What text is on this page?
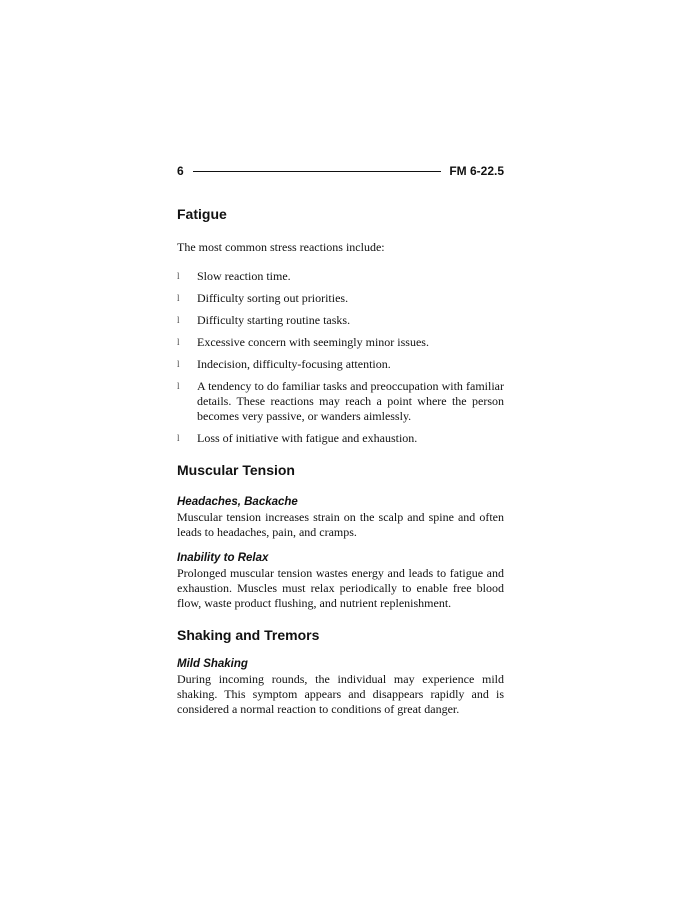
6	FM 6-22.5
Fatigue

The most common stress reactions include:

l Slow reaction time.
l Difficulty sorting out priorities.
l Difficulty starting routine tasks.
l Excessive concern with seemingly minor issues.
l Indecision, difficulty-focusing attention.
l A tendency to do familiar tasks and preoccupation with familiar details. These reactions may reach a point where the person becomes very passive, or wanders aimlessly.
l Loss of initiative with fatigue and exhaustion.
Muscular Tension
Headaches, Backache

Muscular tension increases strain on the scalp and spine and often leads to headaches, pain, and cramps.

Inability to Relax

Prolonged muscular tension wastes energy and leads to fatigue and exhaustion. Muscles must relax periodically to enable free blood flow, waste product flushing, and nutrient replenishment.

Shaking and Tremors
Mild Shaking

During incoming rounds, the individual may experience mild shaking. This symptom appears and disappears rapidly and is considered a normal reaction to conditions of great danger.
